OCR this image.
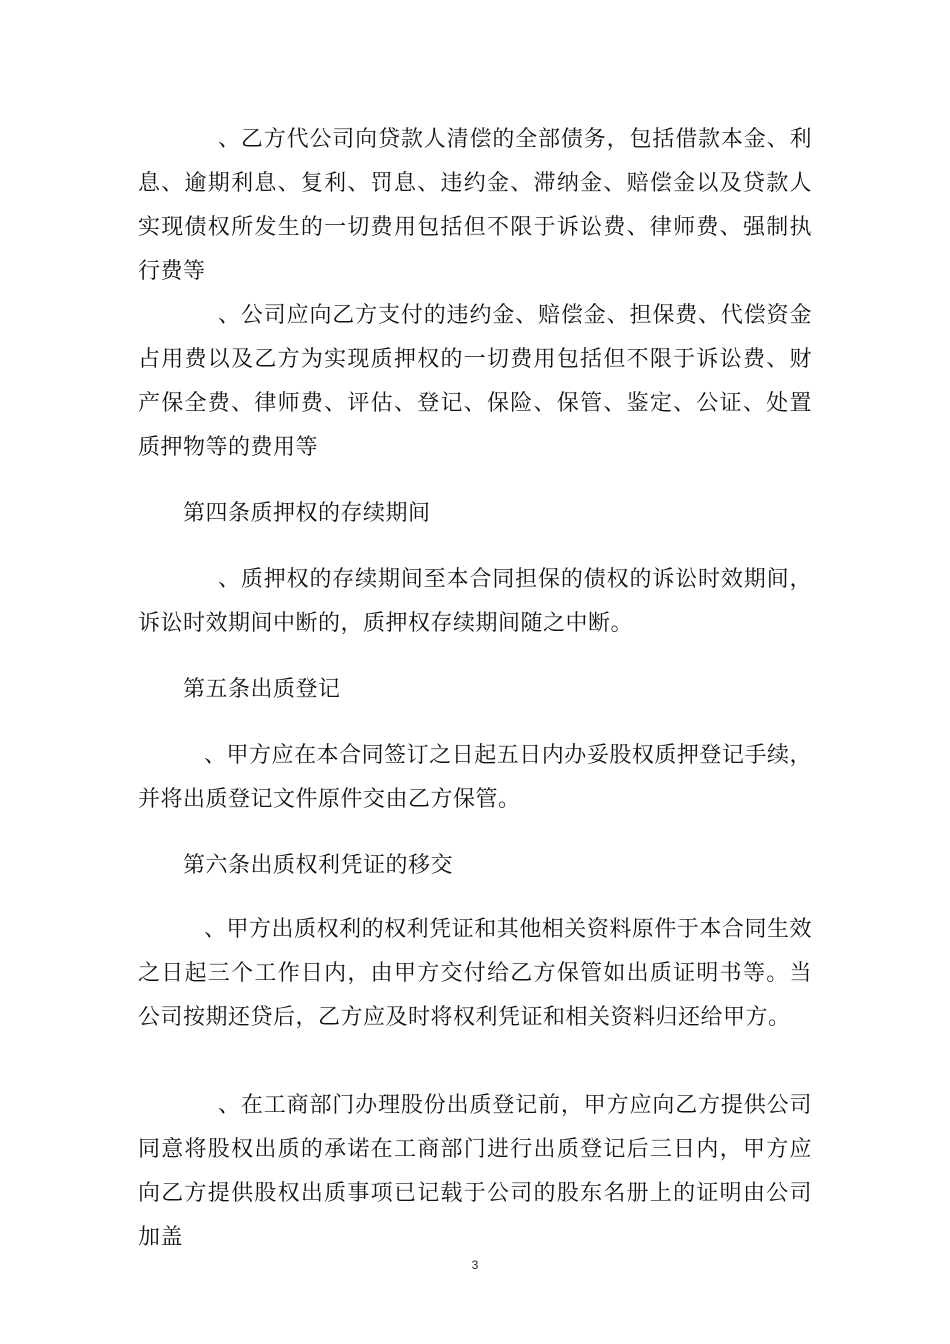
、乙方代公司向贷款人清偿的全部债务，包括借款本金、利息、逾期利息、复利、罚息、违约金、滞纳金、赔偿金以及贷款人实现债权所发生的一切费用包括但不限于诉讼费、律师费、强制执行费等

、公司应向乙方支付的违约金、赔偿金、担保费、代偿资金占用费以及乙方为实现质押权的一切费用包括但不限于诉讼费、财产保全费、律师费、评估、登记、保险、保管、鉴定、公证、处置质押物等的费用等

第四条质押权的存续期间

、质押权的存续期间至本合同担保的债权的诉讼时效期间，诉讼时效期间中断的，质押权存续期间随之中断。

第五条出质登记

、甲方应在本合同签订之日起五日内办妥股权质押登记手续，并将出质登记文件原件交由乙方保管。

第六条出质权利凭证的移交

、甲方出质权利的权利凭证和其他相关资料原件于本合同生效之日起三个工作日内，由甲方交付给乙方保管如出质证明书等。当公司按期还贷后，乙方应及时将权利凭证和相关资料归还给甲方。

、在工商部门办理股份出质登记前，甲方应向乙方提供公司同意将股权出质的承诺在工商部门进行出质登记后三日内，甲方应向乙方提供股权出质事项已记载于公司的股东名册上的证明由公司加盖

3
